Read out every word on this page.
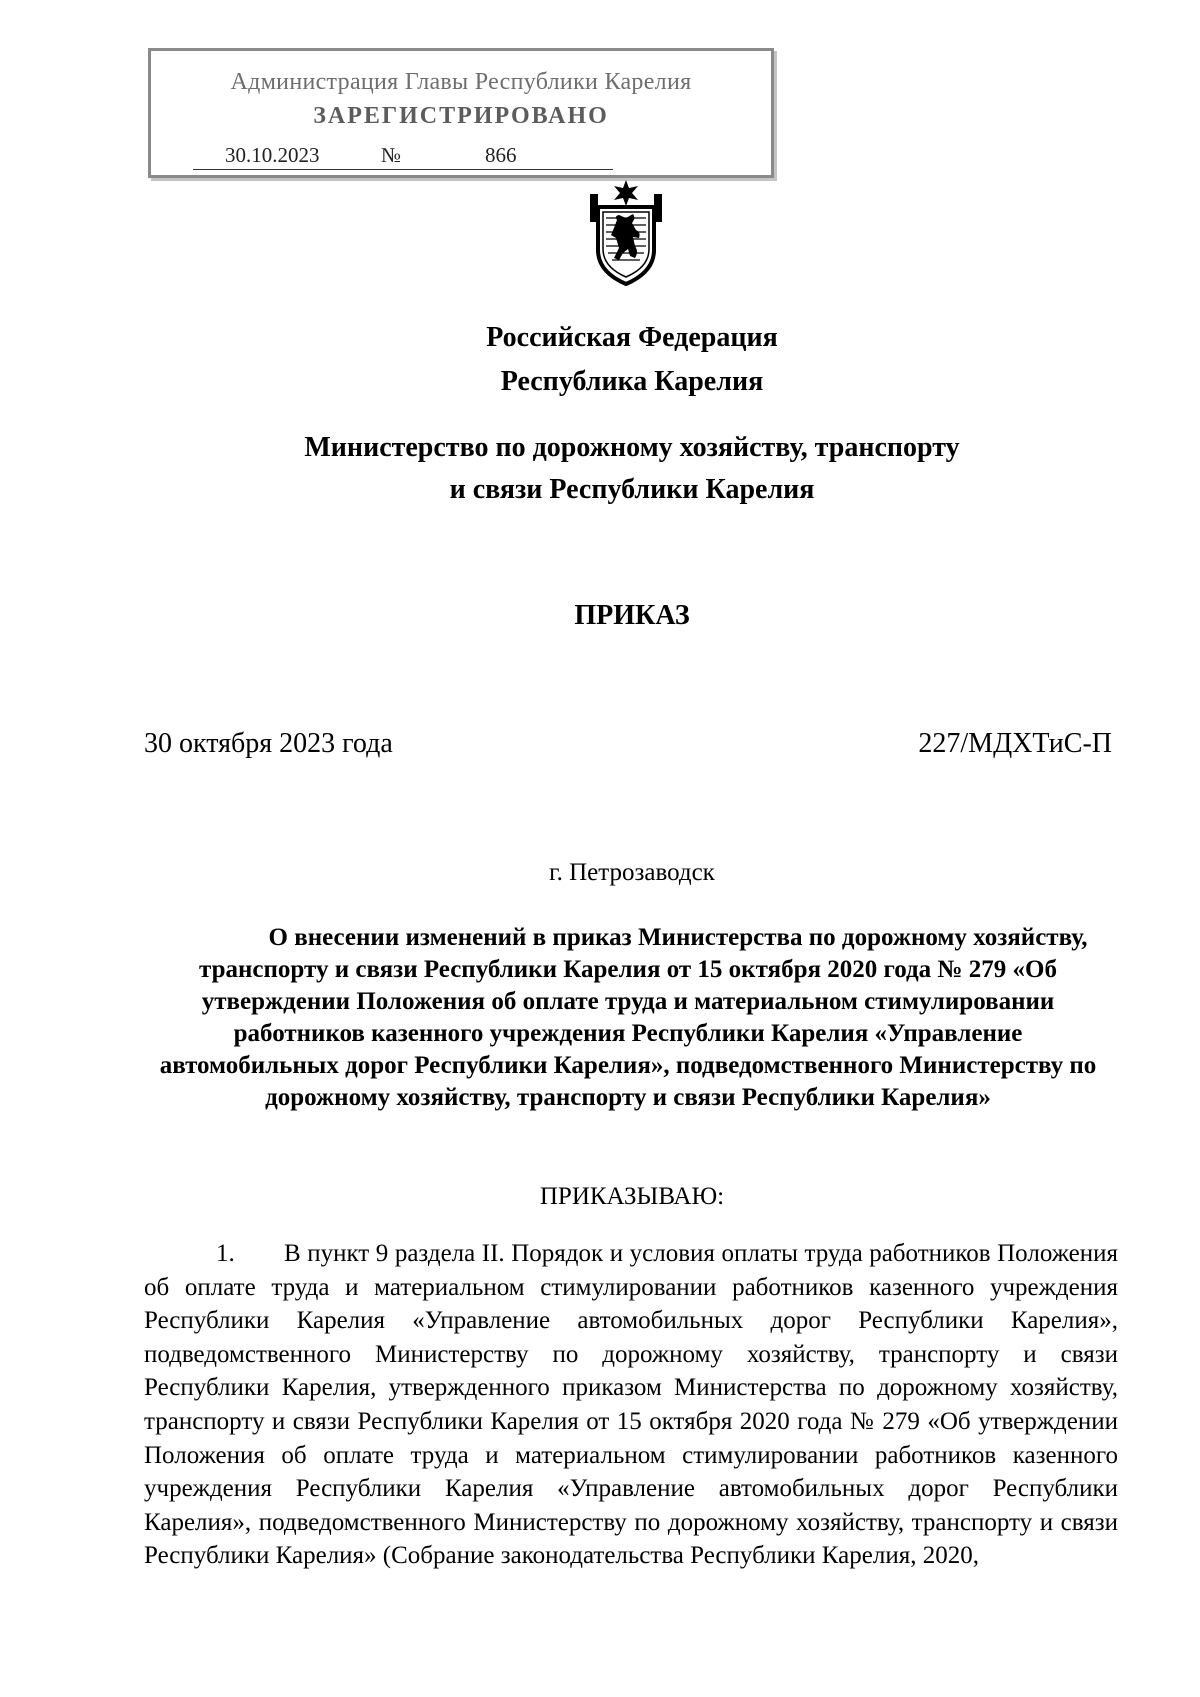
Администрация Главы Республики Карелия
ЗАРЕГИСТРИРОВАНО
30.10.2023	№	866
Российская Федерация
Республика Карелия
Министерство по дорожному хозяйству, транспорту
и связи Республики Карелия
ПРИКАЗ
30 октября 2023 года	227/МДХТиС-П
г. Петрозаводск

О внесении изменений в приказ Министерства по дорожному хозяйству, транспорту и связи Республики Карелия от 15 октября 2020 года № 279 «Об утверждении Положения об оплате труда и материальном стимулировании работников казенного учреждения Республики Карелия «Управление автомобильных дорог Республики Карелия», подведомственного Министерству по дорожному хозяйству, транспорту и связи Республики Карелия»

ПРИКАЗЫВАЮ:

1. В пункт 9 раздела II. Порядок и условия оплаты труда работников Положения об оплате труда и материальном стимулировании работников казенного учреждения Республики Карелия «Управление автомобильных дорог Республики Карелия», подведомственного Министерству по дорожному хозяйству, транспорту и связи Республики Карелия, утвержденного приказом Министерства по дорожному хозяйству, транспорту и связи Республики Карелия от 15 октября 2020 года № 279 «Об утверждении Положения об оплате труда и материальном стимулировании работников казенного учреждения Республики Карелия «Управление автомобильных дорог Республики Карелия», подведомственного Министерству по дорожному хозяйству, транспорту и связи Республики Карелия» (Собрание законодательства Республики Карелия, 2020,
